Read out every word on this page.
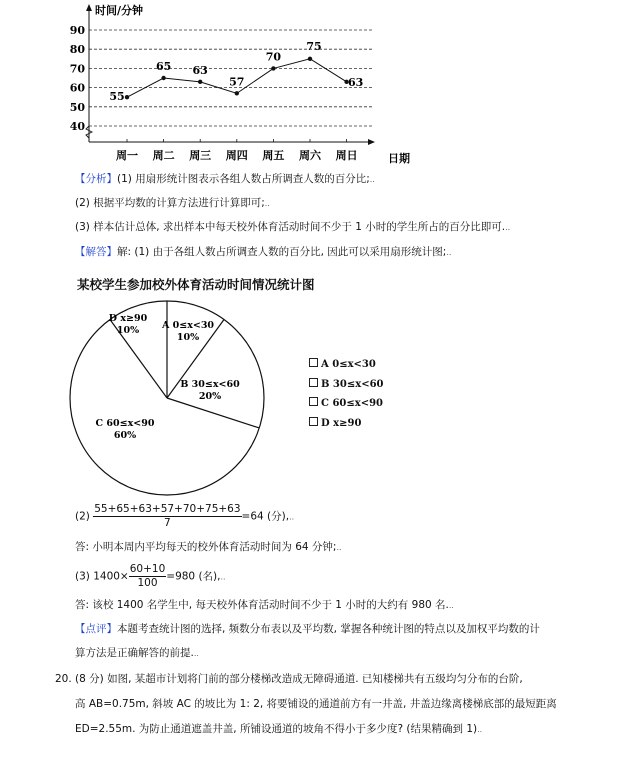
40
50
60
70
80
90
时间/分钟
日期
周一 周二 周三 周四 周五 周六 周日
55
65 63
57
70
75
63
【分析】(1) 用扇形统计图表示各组人数占所调查人数的百分比;..
(2) 根据平均数的计算方法进行计算即可;..
(3) 样本估计总体, 求出样本中每天校外体育活动时间不少于 1 小时的学生所占的百分比即可...
【解答】解: (1) 由于各组人数占所调查人数的百分比, 因此可以采用扇形统计图;..
某校学生参加校外体育活动时间情况统计图
A 0≤x<30
10%
B 30≤x<60
20%
C 60≤x<90
60%
D x≥90
10%
A 0≤x<30
B 30≤x<60
C 60≤x<90
D x≥90
$(2) \frac{55+65+63+57+70+75+63}{7} =64$ (分),..
答: 小明本周内平均每天的校外体育活动时间为 64 分钟;..
(3) $1400\times \frac{60+10}{100} =980$ (名),..
答: 该校 1400 名学生中, 每天校外体育活动时间不少于 1 小时的大约有 980 名...
【点评】本题考查统计图的选择, 频数分布表以及平均数, 掌握各种统计图的特点以及加权平均数的计
算方法是正确解答的前提...
20. (8 分) 如图, 某超市计划将门前的部分楼梯改造成无障碍通道. 已知楼梯共有五级均匀分布的台阶,
高 AB=0.75m, 斜坡 AC 的坡比为 1: 2, 将要铺设的通道前方有一井盖, 井盖边缘离楼梯底部的最短距离
ED=2.55m. 为防止通道遮盖井盖, 所铺设通道的坡角不得小于多少度? (结果精确到 1)..
